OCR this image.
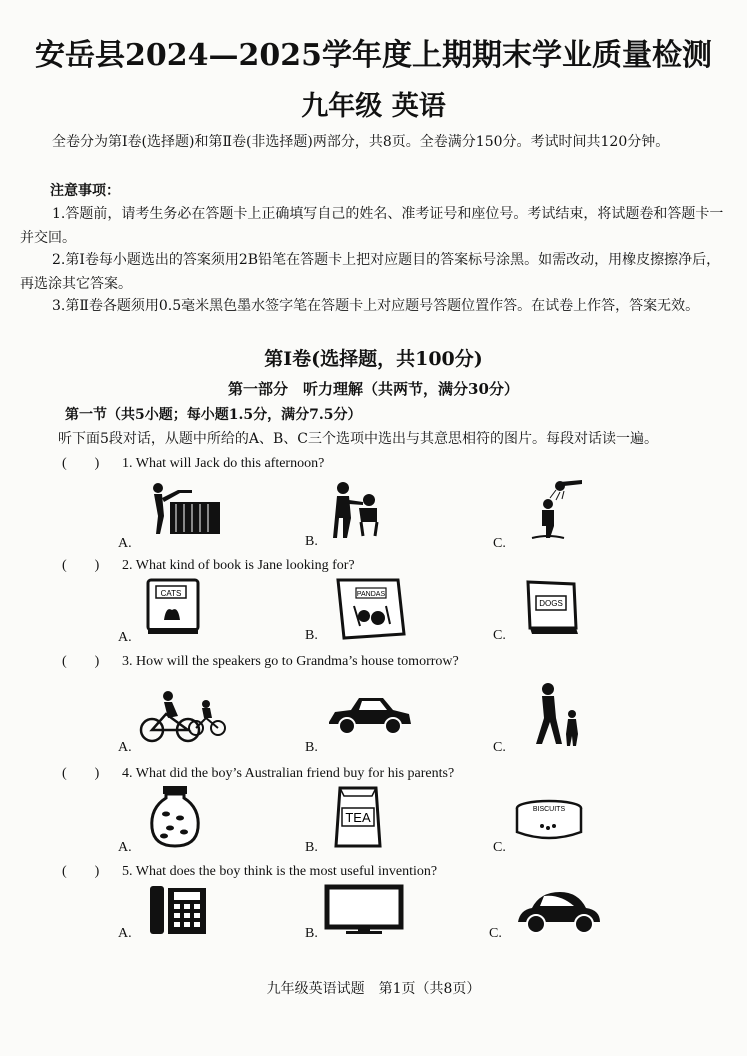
安岳县2024—2025学年度上期期末学业质量检测
九年级 英语
全卷分为第Ⅰ卷(选择题)和第Ⅱ卷(非选择题)两部分，共8页。全卷满分150分。考试时间共120分钟。
注意事项：
1.答题前，请考生务必在答题卡上正确填写自己的姓名、准考证号和座位号。考试结束，将试题卷和答题卡一并交回。
2.第Ⅰ卷每小题选出的答案须用2B铅笔在答题卡上把对应题目的答案标号涂黑。如需改动，用橡皮擦擦净后，再选涂其它答案。
3.第Ⅱ卷各题须用0.5毫米黑色墨水签字笔在答题卡上对应题号答题位置作答。在试卷上作答，答案无效。
第Ⅰ卷(选择题，共100分)
第一部分　听力理解（共两节，满分30分）
第一节（共5小题；每小题1.5分，满分7.5分）
听下面5段对话，从题中所给的A、B、C三个选项中选出与其意思相符的图片。每段对话读一遍。
(　　) 1. What will Jack do this afternoon?
A.	B.	C.
(　　) 2. What kind of book is Jane looking for?
A.	B.	C.
CATS	PANDAS
DOGS
(　　) 3. How will the speakers go to Grandma’s house tomorrow?
A.	B.	C.
(　　) 4. What did the boy’s Australian friend buy for his parents?
A.	B.	C.
TEA
BISCUITS
(　　) 5. What does the boy think is the most useful invention?
A.	B.	C.
九年级英语试题　第1页（共8页）
